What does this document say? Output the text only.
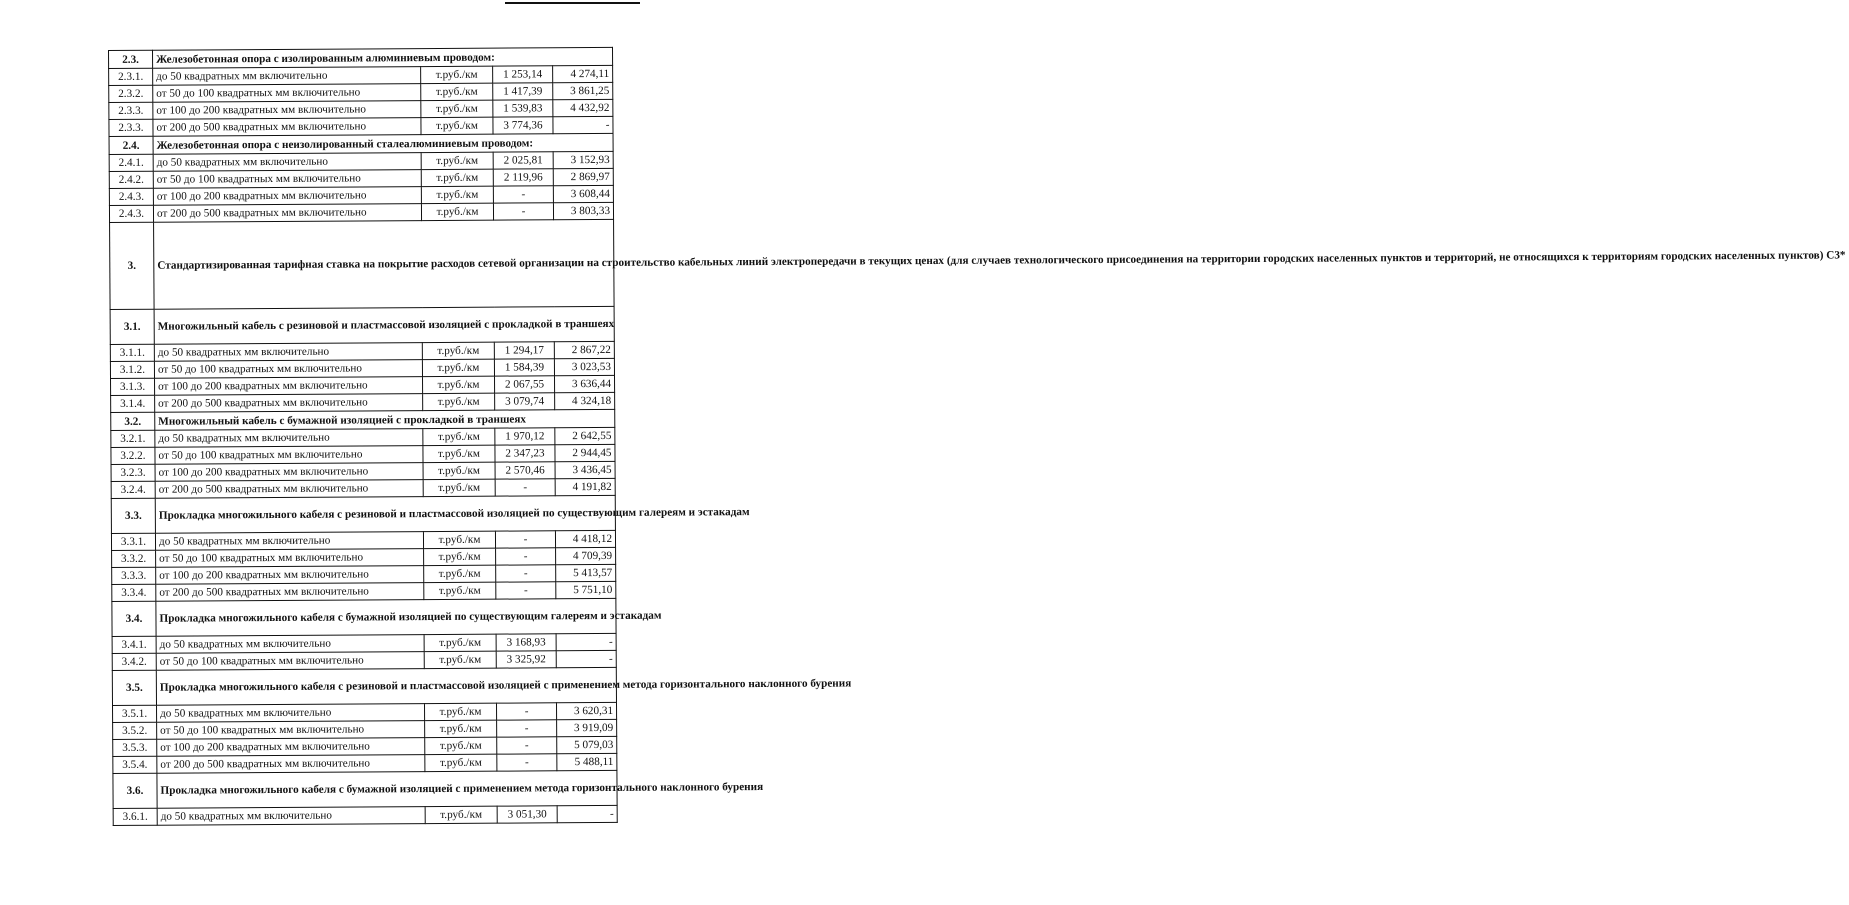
2.3.	Железобетонная опора с изолированным алюминиевым проводом:			
2.3.1.	до 50 квадратных мм включительно	т.руб./км	1 253,14	4 274,11
2.3.2.	от 50 до 100 квадратных мм включительно	т.руб./км	1 417,39	3 861,25
2.3.3.	от 100 до 200 квадратных мм включительно	т.руб./км	1 539,83	4 432,92
2.3.3.	от 200 до 500 квадратных мм включительно	т.руб./км	3 774,36	-
2.4.	Железобетонная опора с неизолированный сталеалюминиевым проводом:			
2.4.1.	до 50 квадратных мм включительно	т.руб./км	2 025,81	3 152,93
2.4.2.	от 50 до 100 квадратных мм включительно	т.руб./км	2 119,96	2 869,97
2.4.3.	от 100 до 200 квадратных мм включительно	т.руб./км	-	3 608,44
2.4.3.	от 200 до 500 квадратных мм включительно	т.руб./км	-	3 803,33
3.	Стандартизированная тарифная ставка на покрытие расходов сетевой организации на строительство кабельных линий электропередачи в текущих ценах (для случаев технологического присоединения на территории городских населенных пунктов и территорий, не относящихся к территориям городских населенных пунктов) С3*			
3.1.	Многожильный кабель с резиновой и пластмассовой изоляцией с прокладкой в траншеях			
3.1.1.	до 50 квадратных мм включительно	т.руб./км	1 294,17	2 867,22
3.1.2.	от 50 до 100 квадратных мм включительно	т.руб./км	1 584,39	3 023,53
3.1.3.	от 100 до 200 квадратных мм включительно	т.руб./км	2 067,55	3 636,44
3.1.4.	от 200 до 500 квадратных мм включительно	т.руб./км	3 079,74	4 324,18
3.2.	Многожильный кабель с бумажной изоляцией с прокладкой в траншеях			
3.2.1.	до 50 квадратных мм включительно	т.руб./км	1 970,12	2 642,55
3.2.2.	от 50 до 100 квадратных мм включительно	т.руб./км	2 347,23	2 944,45
3.2.3.	от 100 до 200 квадратных мм включительно	т.руб./км	2 570,46	3 436,45
3.2.4.	от 200 до 500 квадратных мм включительно	т.руб./км	-	4 191,82
3.3.	Прокладка многожильного кабеля с резиновой и пластмассовой изоляцией по существующим галереям и эстакадам			
3.3.1.	до 50 квадратных мм включительно	т.руб./км	-	4 418,12
3.3.2.	от 50 до 100 квадратных мм включительно	т.руб./км	-	4 709,39
3.3.3.	от 100 до 200 квадратных мм включительно	т.руб./км	-	5 413,57
3.3.4.	от 200 до 500 квадратных мм включительно	т.руб./км	-	5 751,10
3.4.	Прокладка многожильного кабеля с бумажной изоляцией по существующим галереям и эстакадам			
3.4.1.	до 50 квадратных мм включительно	т.руб./км	3 168,93	-
3.4.2.	от 50 до 100 квадратных мм включительно	т.руб./км	3 325,92	-
3.5.	Прокладка многожильного кабеля с резиновой и пластмассовой изоляцией с применением метода горизонтального наклонного бурения			
3.5.1.	до 50 квадратных мм включительно	т.руб./км	-	3 620,31
3.5.2.	от 50 до 100 квадратных мм включительно	т.руб./км	-	3 919,09
3.5.3.	от 100 до 200 квадратных мм включительно	т.руб./км	-	5 079,03
3.5.4.	от 200 до 500 квадратных мм включительно	т.руб./км	-	5 488,11
3.6.	Прокладка многожильного кабеля с бумажной изоляцией с применением метода горизонтального наклонного бурения			
3.6.1.	до 50 квадратных мм включительно	т.руб./км	3 051,30	-
